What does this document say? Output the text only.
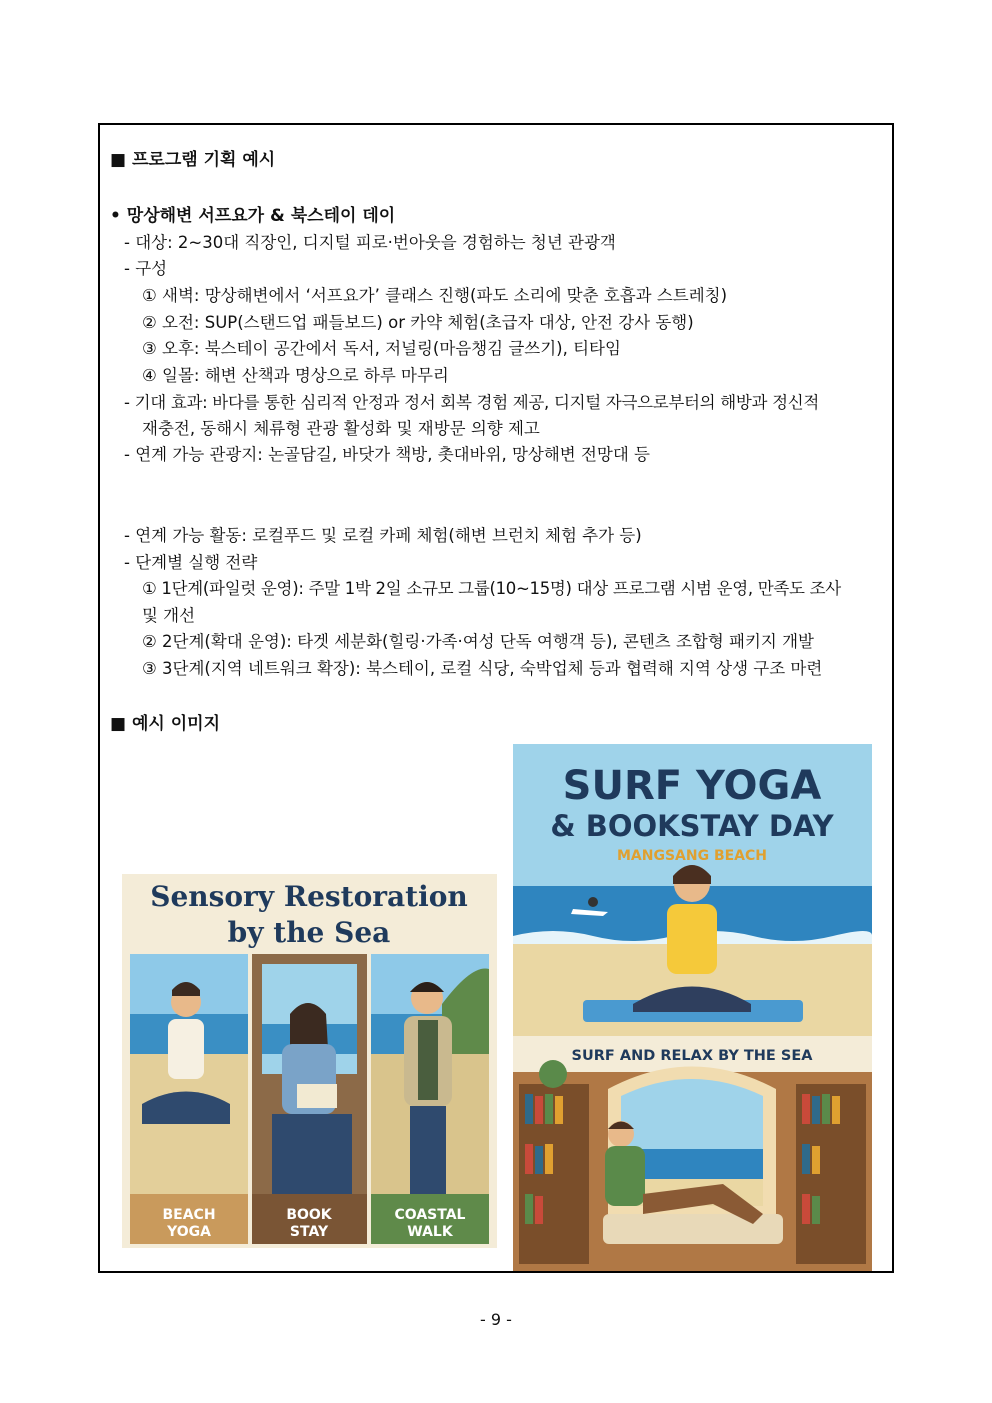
■ 프로그램 기획 예시
• 망상해변 서프요가 & 북스테이 데이
- 대상: 2~30대 직장인, 디지털 피로·번아웃을 경험하는 청년 관광객
- 구성
① 새벽: 망상해변에서 ‘서프요가’ 클래스 진행(파도 소리에 맞춘 호흡과 스트레칭)
② 오전: SUP(스탠드업 패들보드) or 카약 체험(초급자 대상, 안전 강사 동행)
③ 오후: 북스테이 공간에서 독서, 저널링(마음챙김 글쓰기), 티타임
④ 일몰: 해변 산책과 명상으로 하루 마무리
- 기대 효과: 바다를 통한 심리적 안정과 정서 회복 경험 제공, 디지털 자극으로부터의 해방과 정신적
재충전, 동해시 체류형 관광 활성화 및 재방문 의향 제고
- 연계 가능 관광지: 논골담길, 바닷가 책방, 촛대바위, 망상해변 전망대 등
- 연계 가능 활동: 로컬푸드 및 로컬 카페 체험(해변 브런치 체험 추가 등)
- 단계별 실행 전략
① 1단계(파일럿 운영): 주말 1박 2일 소규모 그룹(10~15명) 대상 프로그램 시범 운영, 만족도 조사
및 개선
② 2단계(확대 운영): 타겟 세분화(힐링·가족·여성 단독 여행객 등), 콘텐츠 조합형 패키지 개발
③ 3단계(지역 네트워크 확장): 북스테이, 로컬 식당, 숙박업체 등과 협력해 지역 상생 구조 마련
■ 예시 이미지
Sensory Restoration
by the Sea
BEACH
YOGA
BOOK
STAY
COASTAL
WALK
SURF YOGA
& BOOKSTAY DAY
MANGSANG BEACH
SURF AND RELAX BY THE SEA
- 9 -
